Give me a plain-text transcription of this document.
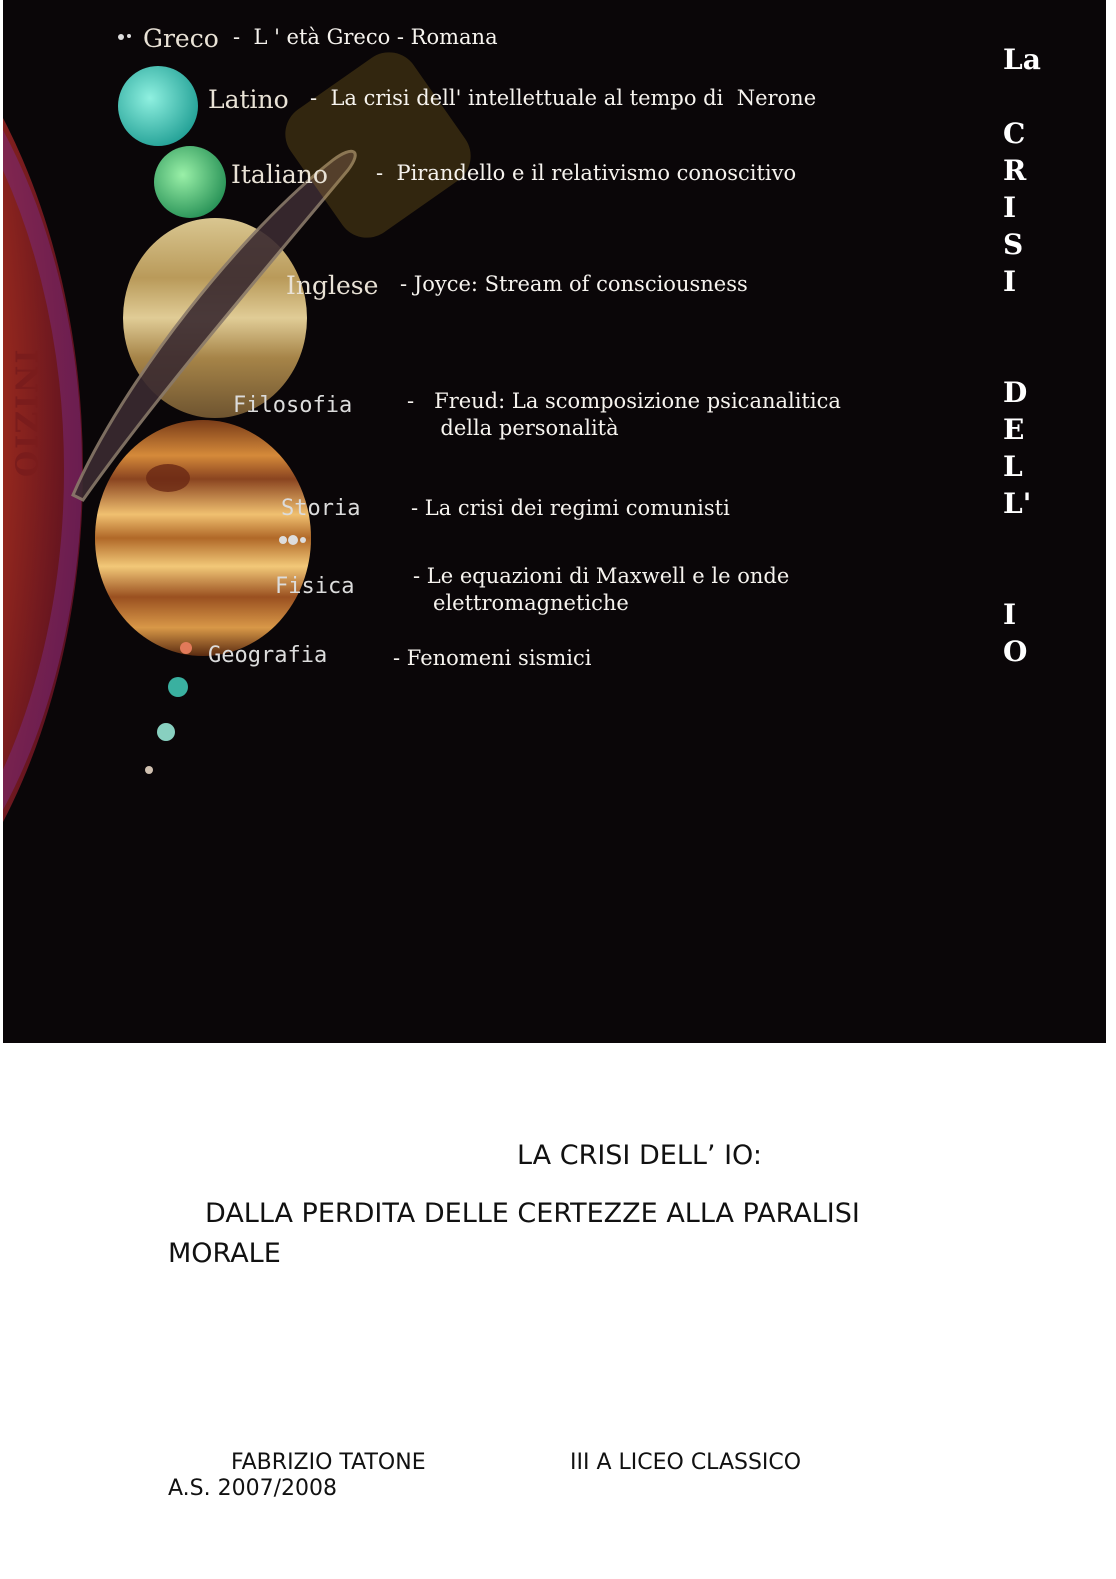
INIZIO
Greco -  L ' età Greco - Romana
Latino -  La crisi dell' intellettuale al tempo di  Nerone
Italiano -  Pirandello e il relativismo conoscitivo
Inglese - Joyce: Stream of consciousness
Filosofia	-   Freud: La scomposizione psicanalitica
della personalità
Storia - La crisi dei regimi comunisti
Fisica	- Le equazioni di Maxwell e le onde
elettromagnetiche
Geografia	- Fenomeni sismici
La
C
R
I
S
I
D
E
L
L'
I
O
LA CRISI DELL’ IO:
DALLA PERDITA DELLE CERTEZZE ALLA PARALISI
MORALE
FABRIZIO TATONE	III A LICEO CLASSICO
A.S. 2007/2008
